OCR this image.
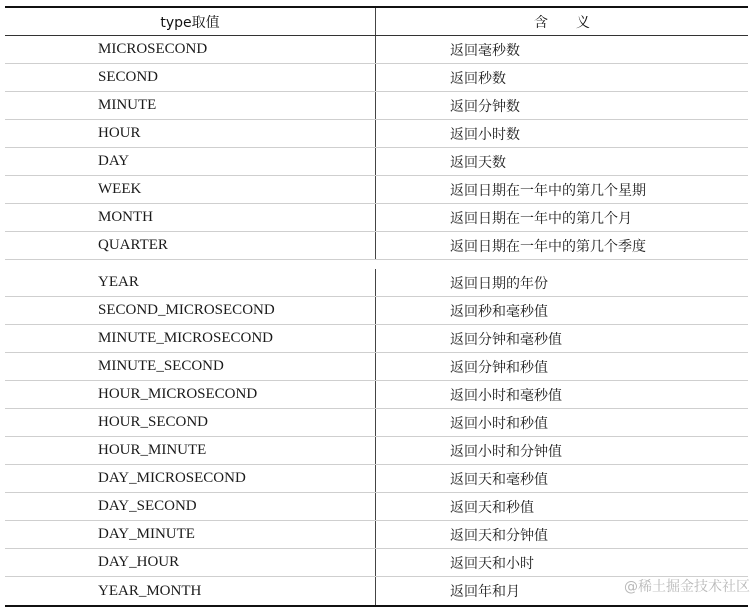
type取值	含义
MICROSECOND	返回毫秒数
SECOND	返回秒数
MINUTE	返回分钟数
HOUR	返回小时数
DAY	返回天数
WEEK	返回日期在一年中的第几个星期
MONTH	返回日期在一年中的第几个月
QUARTER	返回日期在一年中的第几个季度
YEAR	返回日期的年份
SECOND_MICROSECOND	返回秒和毫秒值
MINUTE_MICROSECOND	返回分钟和毫秒值
MINUTE_SECOND	返回分钟和秒值
HOUR_MICROSECOND	返回小时和毫秒值
HOUR_SECOND	返回小时和秒值
HOUR_MINUTE	返回小时和分钟值
DAY_MICROSECOND	返回天和毫秒值
DAY_SECOND	返回天和秒值
DAY_MINUTE	返回天和分钟值
DAY_HOUR	返回天和小时
YEAR_MONTH	返回年和月	@稀土掘金技术社区
